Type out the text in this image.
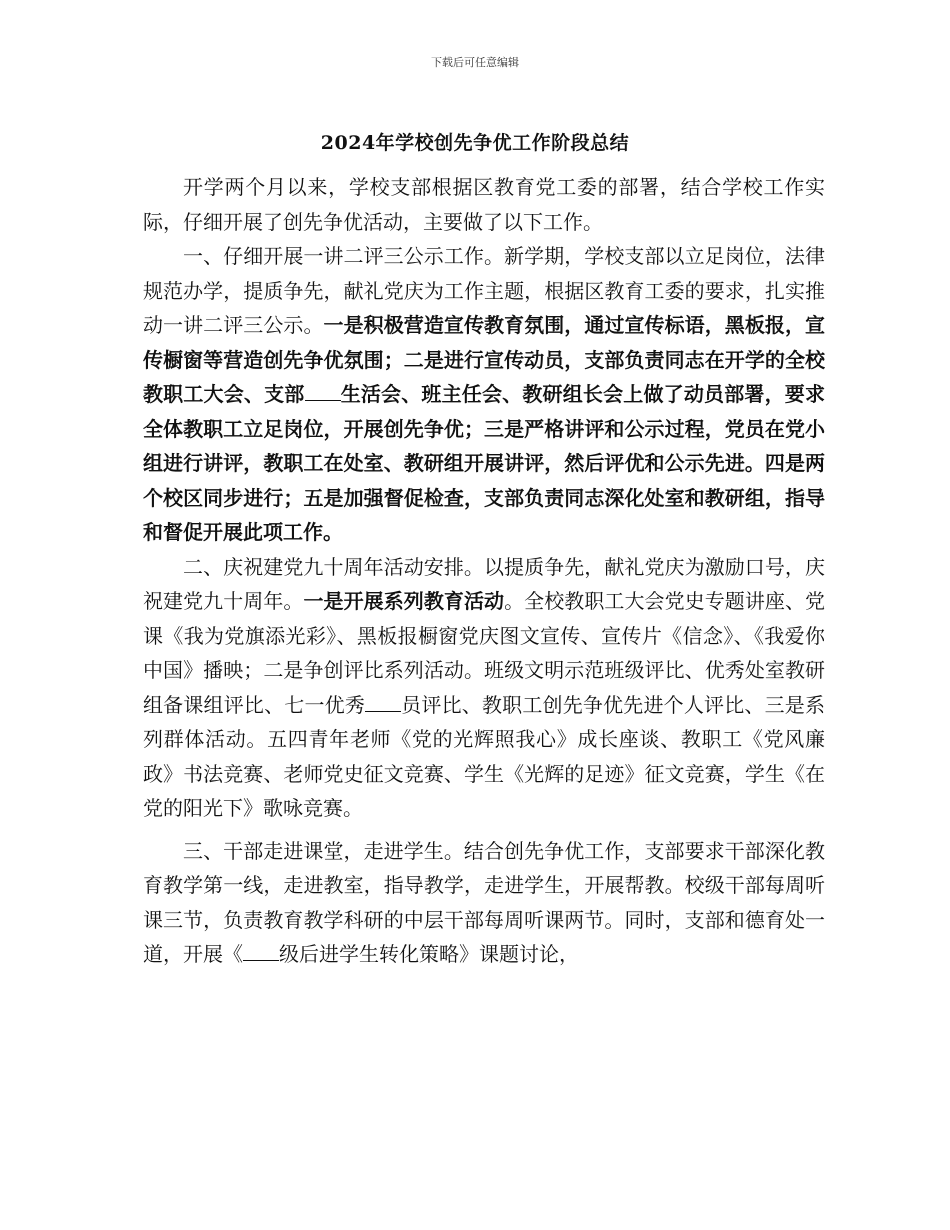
下载后可任意编辑
2024年学校创先争优工作阶段总结

开学两个月以来，学校支部根据区教育党工委的部署，结合学校工作实际，仔细开展了创先争优活动，主要做了以下工作。

一、仔细开展一讲二评三公示工作。新学期，学校支部以立足岗位，法律规范办学，提质争先，献礼党庆为工作主题，根据区教育工委的要求，扎实推动一讲二评三公示。一是积极营造宣传教育氛围，通过宣传标语，黑板报，宣传橱窗等营造创先争优氛围；二是进行宣传动员，支部负责同志在开学的全校教职工大会、支部 生活会、班主任会、教研组长会上做了动员部署，要求全体教职工立足岗位，开展创先争优；三是严格讲评和公示过程，党员在党小组进行讲评，教职工在处室、教研组开展讲评，然后评优和公示先进。四是两个校区同步进行；五是加强督促检查，支部负责同志深化处室和教研组，指导和督促开展此项工作。

二、庆祝建党九十周年活动安排。以提质争先，献礼党庆为激励口号，庆祝建党九十周年。一是开展系列教育活动。全校教职工大会党史专题讲座、党课《我为党旗添光彩》、黑板报橱窗党庆图文宣传、宣传片《信念》、《我爱你中国》播映；二是争创评比系列活动。班级文明示范班级评比、优秀处室教研组备课组评比、七一优秀 员评比、教职工创先争优先进个人评比、三是系列群体活动。五四青年老师《党的光辉照我心》成长座谈、教职工《党风廉政》书法竞赛、老师党史征文竞赛、学生《光辉的足迹》征文竞赛，学生《在党的阳光下》歌咏竞赛。

三、干部走进课堂，走进学生。结合创先争优工作，支部要求干部深化教育教学第一线，走进教室，指导教学，走进学生，开展帮教。校级干部每周听课三节，负责教育教学科研的中层干部每周听课两节。同时，支部和德育处一道，开展《 级后进学生转化策略》课题讨论，
